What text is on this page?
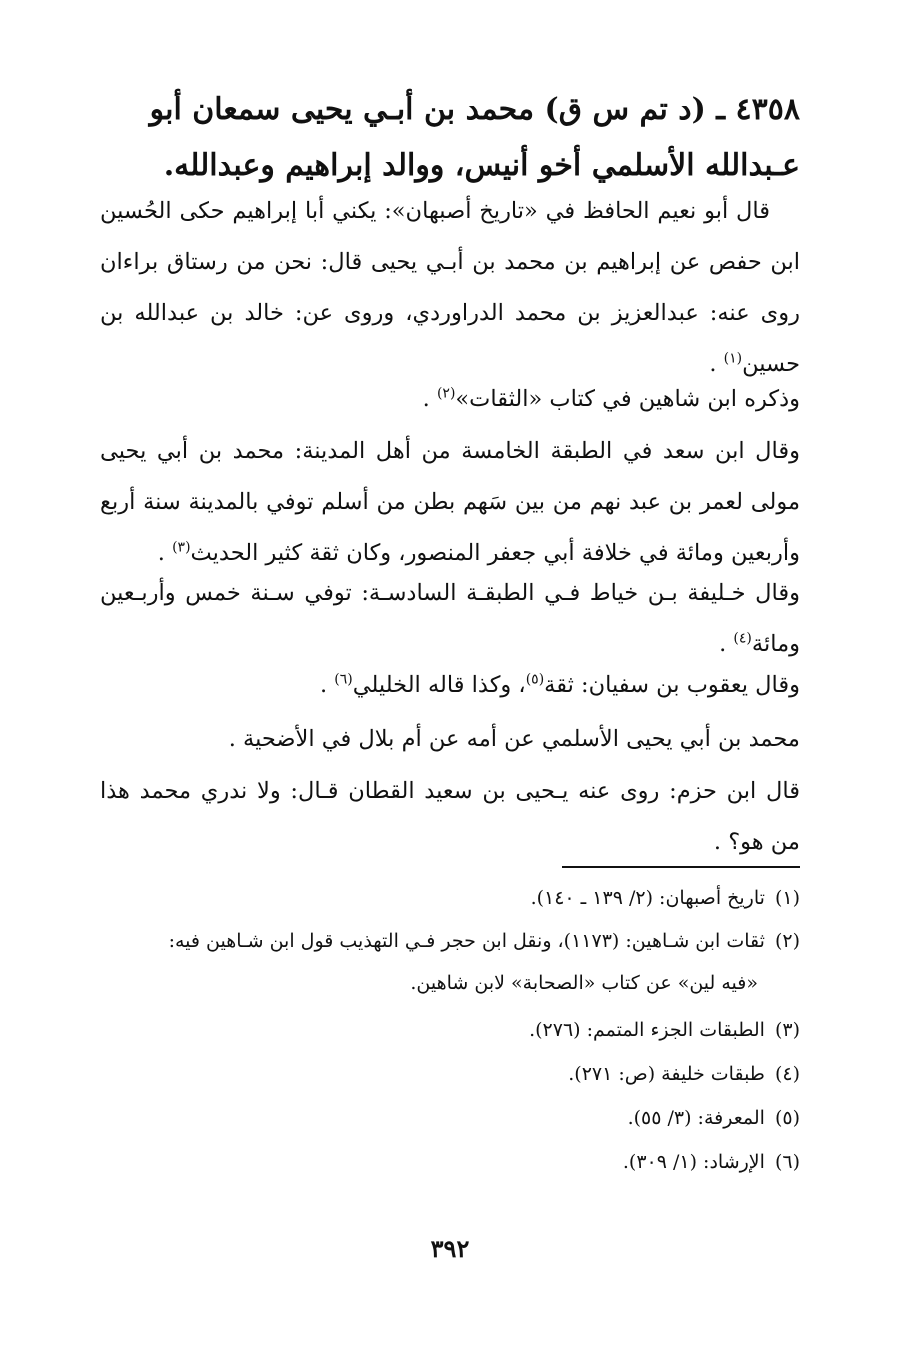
٤٣٥٨ ـ (د تم س ق) محمد بن أبـي يحيى سمعان أبو عـبدالله الأسلمي أخو أنيس، ووالد إبراهيم وعبدالله.
قال أبو نعيم الحافظ في «تاريخ أصبهان»: يكني أبا إبراهيم حكى الحُسين ابن حفص عن إبراهيم بن محمد بن أبـي يحيى قال: نحن من رستاق براءان روى عنه: عبدالعزيز بن محمد الدراوردي، وروى عن: خالد بن عبدالله بن حسين$^{(١)}$ .
وذكره ابن شاهين في كتاب «الثقات»$^{(٢)}$ .
وقال ابن سعد في الطبقة الخامسة من أهل المدينة: محمد بن أبي يحيى مولى لعمر بن عبد نهم من بين سَهم بطن من أسلم توفي بالمدينة سنة أربع وأربعين ومائة في خلافة أبي جعفر المنصور، وكان ثقة كثير الحديث$^{(٣)}$ .
وقال خـليفة بـن خياط فـي الطبقـة السادسـة: توفي سـنة خمس وأربـعين ومائة$^{(٤)}$ .
وقال يعقوب بن سفيان: ثقة$^{(٥)}$، وكذا قاله الخليلي$^{(٦)}$ .
محمد بن أبي يحيى الأسلمي عن أمه عن أم بلال في الأضحية .
قال ابن حزم: روى عنه يـحيى بن سعيد القطان قـال: ولا ندري محمد هذا من هو؟ .
(١)تاريخ أصبهان: (٢/ ١٣٩ ـ ١٤٠).
(٢)ثقات ابن شـاهين: (١١٧٣)، ونقل ابن حجر فـي التهذيب قول ابن شـاهين فيه:
«فيه لين» عن كتاب «الصحابة» لابن شاهين.
(٣)الطبقات الجزء المتمم: (٢٧٦).
(٤)طبقات خليفة (ص: ٢٧١).
(٥)المعرفة: (٣/ ٥٥).
(٦)الإرشاد: (١/ ٣٠٩).
٣٩٢
